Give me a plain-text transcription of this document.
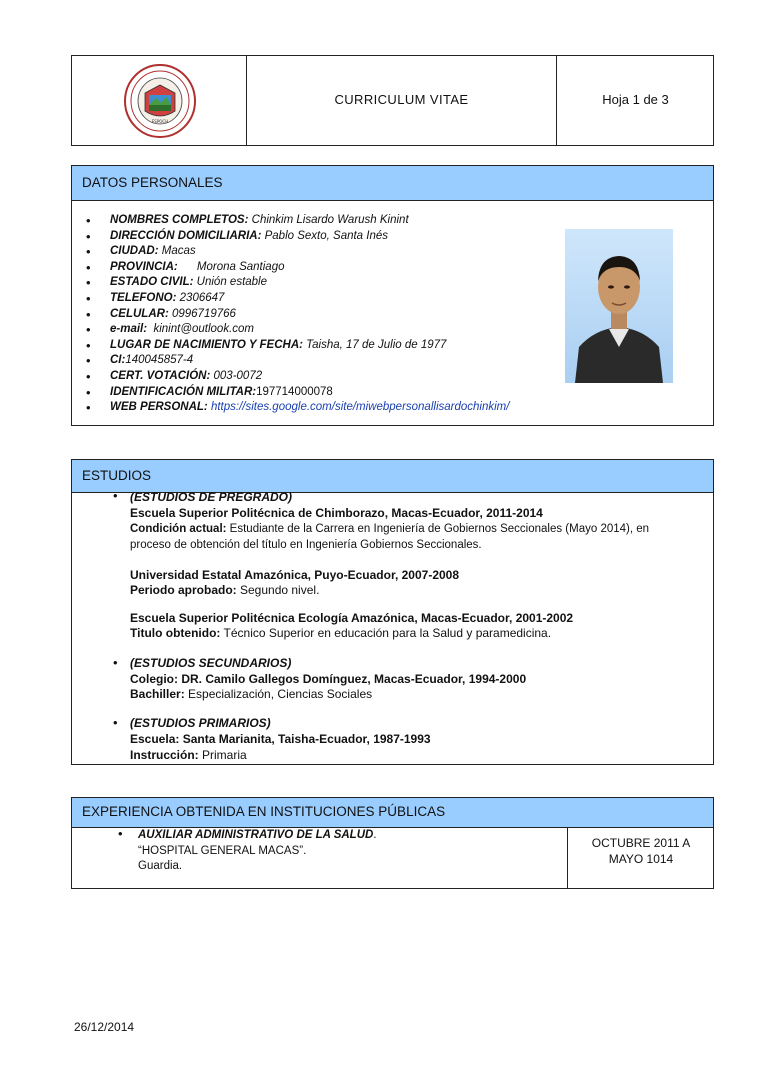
ESPOCH
CURRICULUM VITAE	Hoja 1 de 3
DATOS PERSONALES
• NOMBRES COMPLETOS: Chinkim Lisardo Warush Kinint
• DIRECCIÓN DOMICILIARIA: Pablo Sexto, Santa Inés
• CIUDAD: Macas
• PROVINCIA:      Morona Santiago
• ESTADO CIVIL: Unión estable
• TELEFONO: 2306647
• CELULAR: 0996719766
• e-mail:  kinint@outlook.com
• LUGAR DE NACIMIENTO Y FECHA: Taisha, 17 de Julio de 1977
• CI:140045857-4
• CERT. VOTACIÓN: 003-0072
• IDENTIFICACIÓN MILITAR:197714000078
• WEB PERSONAL: https://sites.google.com/site/miwebpersonallisardochinkim/
ESTUDIOS
• (ESTUDIOS DE PREGRADO)
Escuela Superior Politécnica de Chimborazo, Macas-Ecuador, 2011-2014
Condición actual: Estudiante de la Carrera en Ingeniería de Gobiernos Seccionales (Mayo 2014), en
proceso de obtención del título en Ingeniería Gobiernos Seccionales.
Universidad Estatal Amazónica, Puyo-Ecuador, 2007-2008
Periodo aprobado: Segundo nivel.
Escuela Superior Politécnica Ecología Amazónica, Macas-Ecuador, 2001-2002
Titulo obtenido: Técnico Superior en educación para la Salud y paramedicina.
• (ESTUDIOS SECUNDARIOS)
Colegio: DR. Camilo Gallegos Domínguez, Macas-Ecuador, 1994-2000
Bachiller: Especialización, Ciencias Sociales
• (ESTUDIOS PRIMARIOS)
Escuela: Santa Marianita, Taisha-Ecuador, 1987-1993
Instrucción: Primaria
EXPERIENCIA OBTENIDA EN INSTITUCIONES PÚBLICAS
• AUXILIAR ADMINISTRATIVO DE LA SALUD.
“HOSPITAL GENERAL MACAS”.
Guardia.
OCTUBRE 2011 A
MAYO 1014
26/12/2014
